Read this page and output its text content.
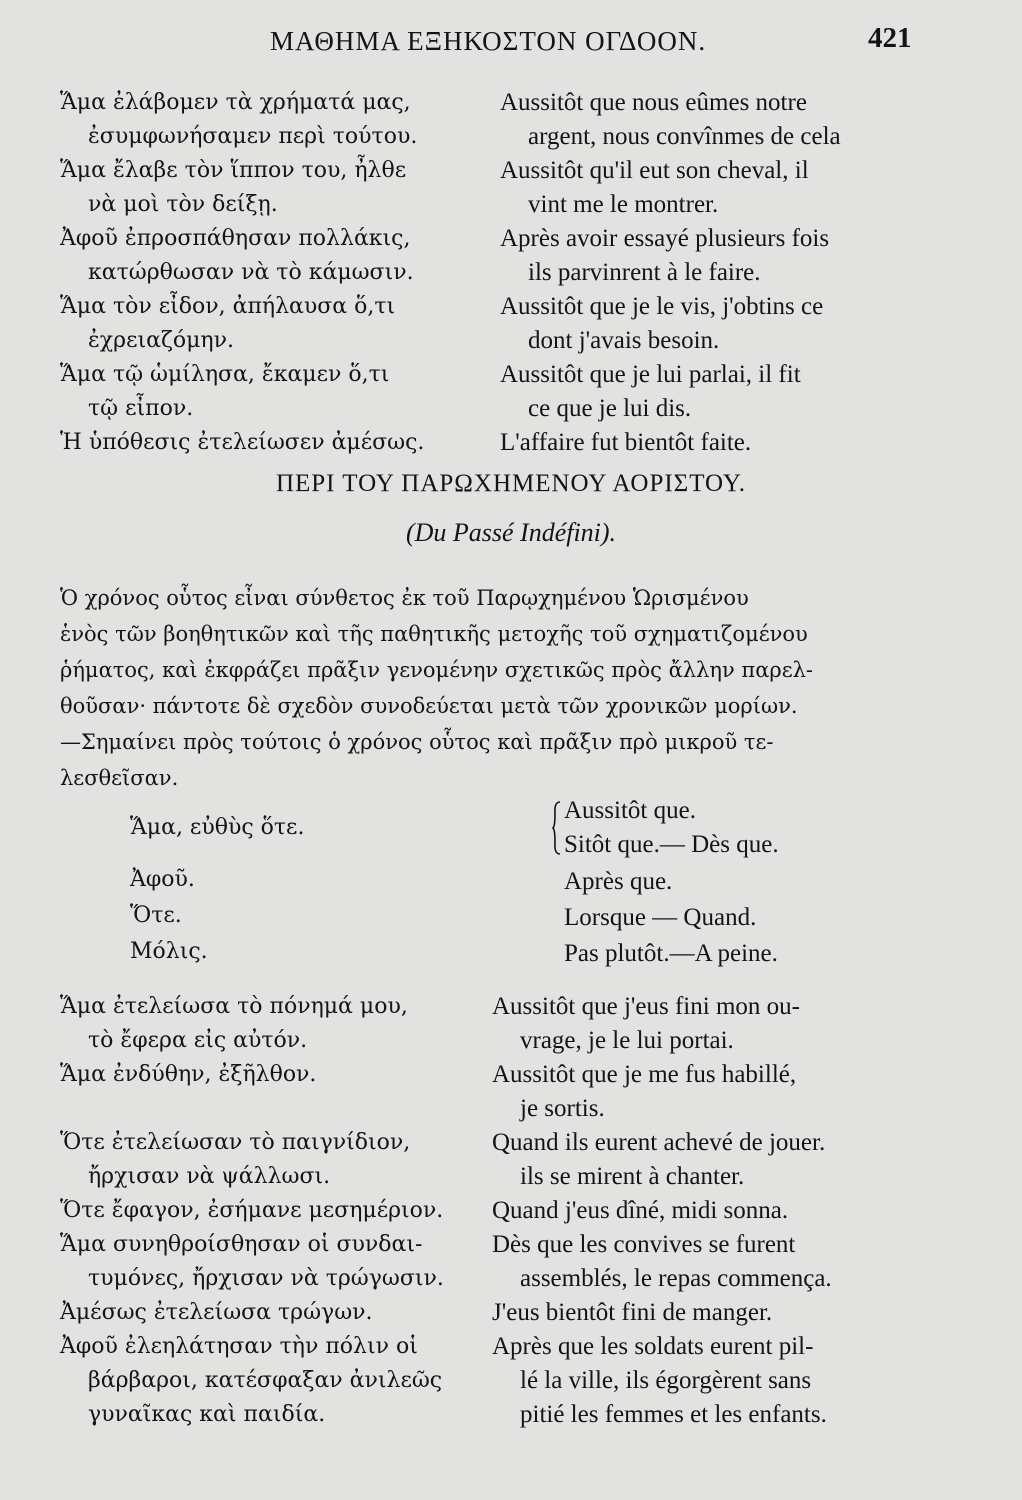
ΜΑΘΗΜΑ ΕΞΗΚΟΣΤΟΝ ΟΓΔΟΟΝ.	421
Ἅμα ἐλάβομεν τὰ χρήματά μας,
ἐσυμφωνήσαμεν περὶ τούτου.
Ἅμα ἔλαβε τὸν ἵππον του, ἦλθε
νὰ μοὶ τὸν δείξῃ.
Ἀφοῦ ἐπροσπάθησαν πολλάκις,
κατώρθωσαν νὰ τὸ κάμωσιν.
Ἅμα τὸν εἶδον, ἀπήλαυσα ὅ,τι
ἐχρειαζόμην.
Ἅμα τῷ ὡμίλησα, ἔκαμεν ὅ,τι
τῷ εἶπον.
Ἡ ὑπόθεσις ἐτελείωσεν ἀμέσως.
Aussitôt que nous eûmes notre
argent, nous convînmes de cela
Aussitôt qu'il eut son cheval, il
vint me le montrer.
Après avoir essayé plusieurs fois
ils parvinrent à le faire.
Aussitôt que je le vis, j'obtins ce
dont j'avais besoin.
Aussitôt que je lui parlai, il fit
ce que je lui dis.
L'affaire fut bientôt faite.
ΠΕΡΙ ΤΟΥ ΠΑΡΩΧΗΜΕΝΟΥ ΑΟΡΙΣΤΟΥ.
(Du Passé Indéfini).
Ὁ χρόνος οὗτος εἶναι σύνθετος ἐκ τοῦ Παρῳχημένου Ὡρισμένου
ἑνὸς τῶν βοηθητικῶν καὶ τῆς παθητικῆς μετοχῆς τοῦ σχηματιζομένου
ῥήματος, καὶ ἐκφράζει πρᾶξιν γενομένην σχετικῶς πρὸς ἄλλην παρελ-
θοῦσαν· πάντοτε δὲ σχεδὸν συνοδεύεται μετὰ τῶν χρονικῶν μορίων.
—Σημαίνει πρὸς τούτοις ὁ χρόνος οὗτος καὶ πρᾶξιν πρὸ μικροῦ τε-
λεσθεῖσαν.
Ἅμα, εὐθὺς ὅτε.
Ἀφοῦ.
Ὅτε.
Μόλις.
Aussitôt que.
Sitôt que.— Dès que.
Après que.
Lorsque — Quand.
Pas plutôt.—A peine.
Ἅμα ἐτελείωσα τὸ πόνημά μου,
τὸ ἔφερα εἰς αὐτόν.
Ἅμα ἐνδύθην, ἐξῆλθον.
Ὅτε ἐτελείωσαν τὸ παιγνίδιον,
ἤρχισαν νὰ ψάλλωσι.
Ὅτε ἔφαγον, ἐσήμανε μεσημέριον.
Ἅμα συνηθροίσθησαν οἱ συνδαι-
τυμόνες, ἤρχισαν νὰ τρώγωσιν.
Ἀμέσως ἐτελείωσα τρώγων.
Ἀφοῦ ἐλεηλάτησαν τὴν πόλιν οἱ
βάρβαροι, κατέσφαξαν ἀνιλεῶς
γυναῖκας καὶ παιδία.
Aussitôt que j'eus fini mon ou-
vrage, je le lui portai.
Aussitôt que je me fus habillé,
je sortis.
Quand ils eurent achevé de jouer.
ils se mirent à chanter.
Quand j'eus dîné, midi sonna.
Dès que les convives se furent
assemblés, le repas commença.
J'eus bientôt fini de manger.
Après que les soldats eurent pil-
lé la ville, ils égorgèrent sans
pitié les femmes et les enfants.
